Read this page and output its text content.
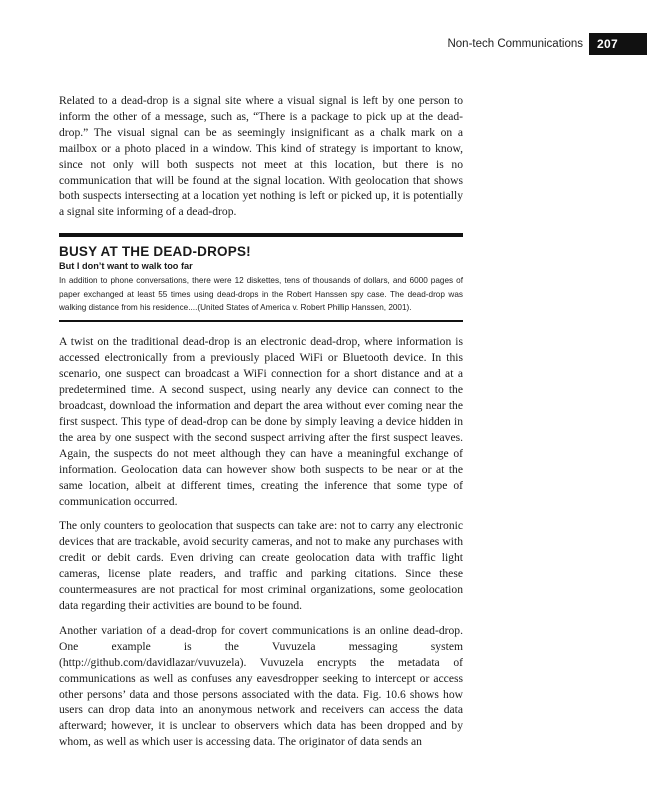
Non-tech Communications	207

Related to a dead-drop is a signal site where a visual signal is left by one person to inform the other of a message, such as, “There is a package to pick up at the dead-drop.” The visual signal can be as seemingly insignificant as a chalk mark on a mailbox or a photo placed in a window. This kind of strategy is important to know, since not only will both suspects not meet at this location, but there is no communication that will be found at the signal location. With geolocation that shows both suspects intersecting at a location yet nothing is left or picked up, it is potentially a signal site informing of a dead-drop.

BUSY AT THE DEAD-DROPS!

But I don’t want to walk too far

In addition to phone conversations, there were 12 diskettes, tens of thousands of dollars, and 6000 pages of paper exchanged at least 55 times using dead-drops in the Robert Hanssen spy case. The dead-drop was walking distance from his residence....(United States of America v. Robert Phillip Hanssen, 2001).

A twist on the traditional dead-drop is an electronic dead-drop, where information is accessed electronically from a previously placed WiFi or Bluetooth device. In this scenario, one suspect can broadcast a WiFi connection for a short distance and at a predetermined time. A second suspect, using nearly any device can connect to the broadcast, download the information and depart the area without ever coming near the first suspect. This type of dead-drop can be done by simply leaving a device hidden in the area by one suspect with the second suspect arriving after the first suspect leaves. Again, the suspects do not meet although they can have a meaningful exchange of information. Geolocation data can however show both suspects to be near or at the same location, albeit at different times, creating the inference that some type of communication occurred.

The only counters to geolocation that suspects can take are: not to carry any electronic devices that are trackable, avoid security cameras, and not to make any purchases with credit or debit cards. Even driving can create geolocation data with traffic light cameras, license plate readers, and traffic and parking citations. Since these countermeasures are not practical for most criminal organizations, some geolocation data regarding their activities are bound to be found.

Another variation of a dead-drop for covert communications is an online dead-drop. One example is the Vuvuzela messaging system (http://github.com/davidlazar/vuvuzela). Vuvuzela encrypts the metadata of communications as well as confuses any eavesdropper seeking to intercept or access other persons’ data and those persons associated with the data. Fig. 10.6 shows how users can drop data into an anonymous network and receivers can access the data afterward; however, it is unclear to observers which data has been dropped and by whom, as well as which user is accessing data. The originator of data sends an
